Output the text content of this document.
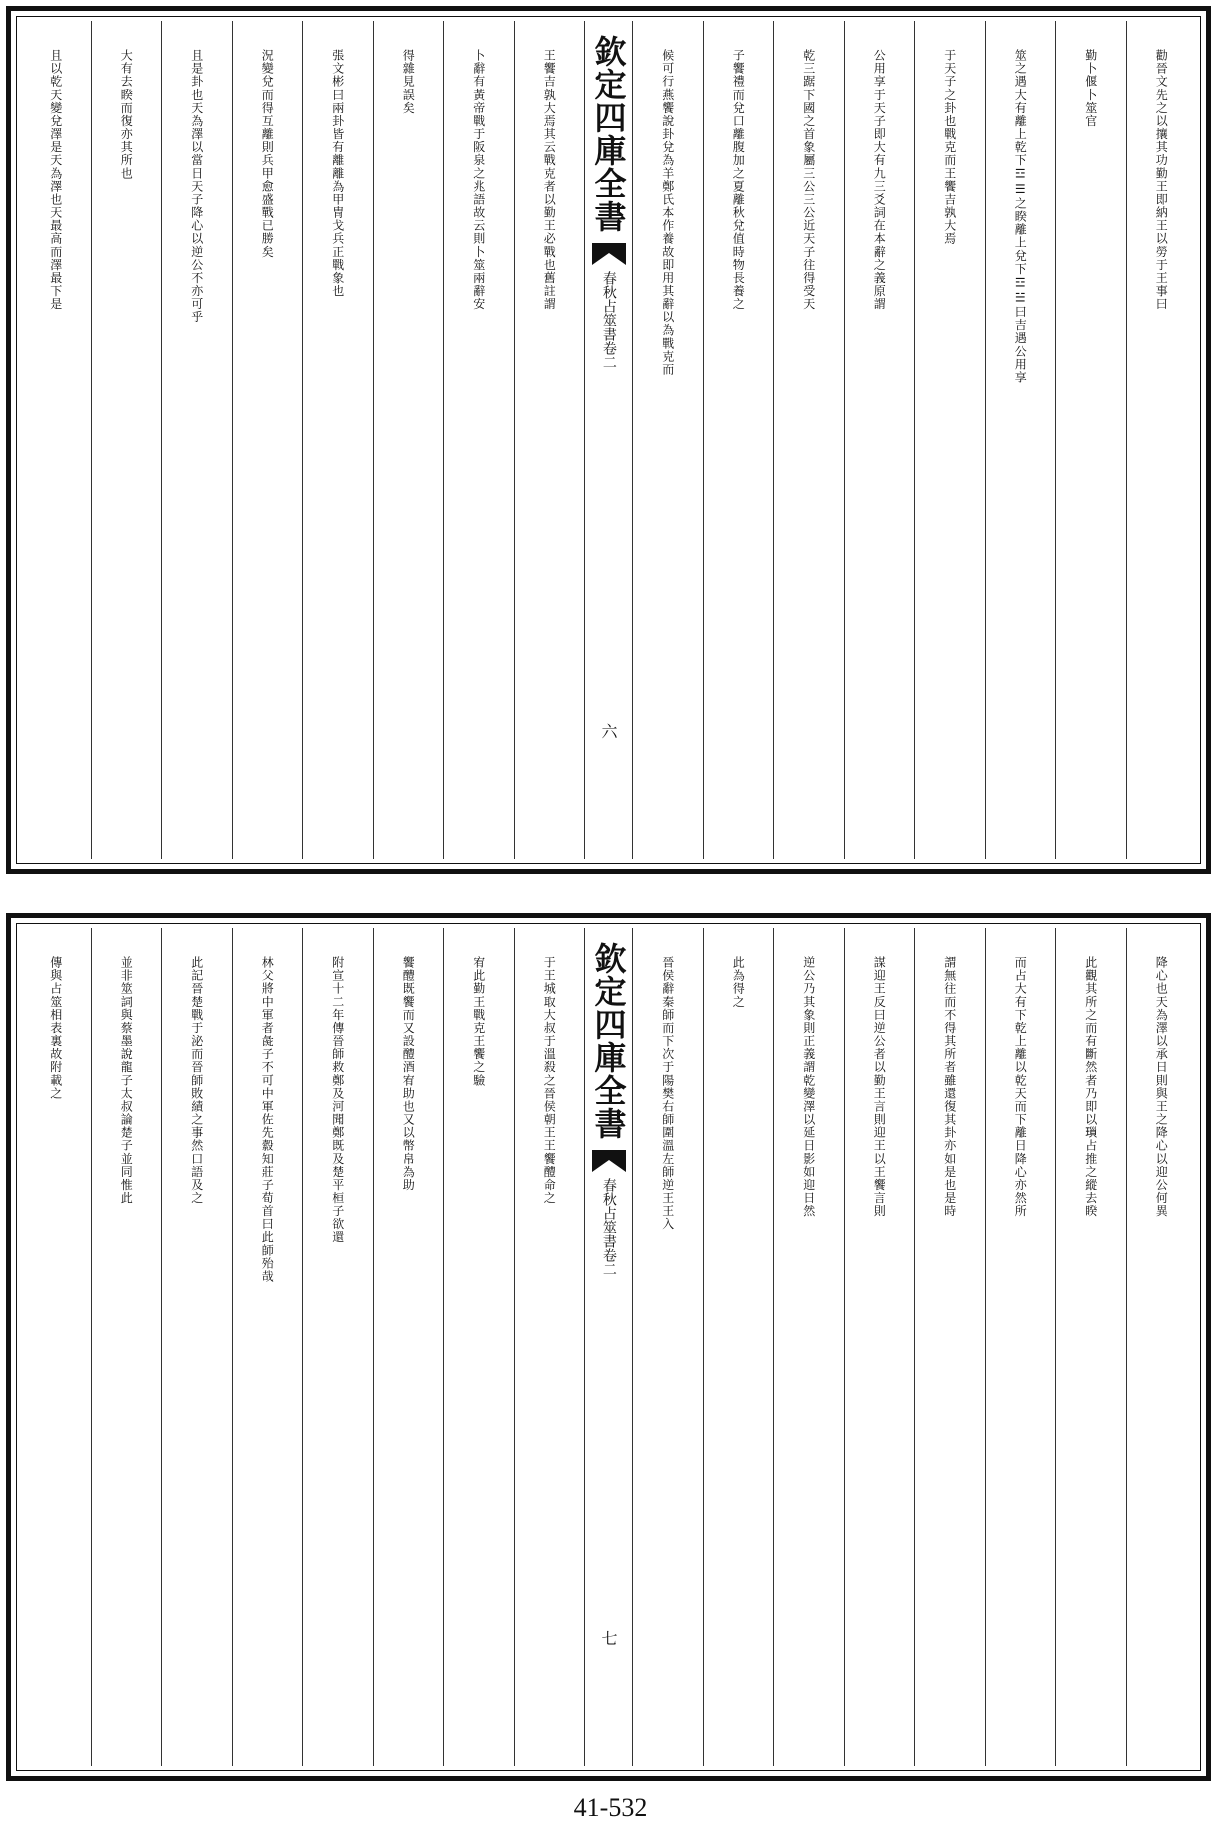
勸晉文先之以攘其功勤王即納王以勞于王事曰
勤卜偃卜筮官
筮之遇大有離上乾下☲☰之睽離上兌下☲☱曰吉遇公用享
于天子之卦也戰克而王饗吉孰大焉
公用享于天子即大有九三爻詞在本辭之義原謂
乾三踞下國之首象屬三公三公近天子往得受天
子饗禮而兌口離腹加之夏離秋兌值時物長養之
候可行燕饗說卦兌為羊鄭氏本作養故即用其辭以為戰克而
欽定四庫全書
春秋占筮書
卷二
六
王饗吉孰大焉其云戰克者以勤王必戰也舊註謂
卜辭有黃帝戰于阪泉之兆語故云則卜筮兩辭安
得雜見誤矣
張文彬曰兩卦皆有離離為甲冑戈兵正戰象也
況變兌而得互離則兵甲愈盛戰已勝矣
且是卦也天為澤以當日天子降心以逆公不亦可乎
大有去睽而復亦其所也
且以乾天變兌澤是天為澤也天最高而澤最下是
降心也天為澤以承日則與王之降心以迎公何異
此觀其所之而有斷然者乃即以𤨏占推之縱去睽
而占大有下乾上離以乾天而下離日降心亦然所
謂無往而不得其所者雖還復其卦亦如是也是時
謀迎王反曰逆公者以勤王言則迎王以王饗言則
逆公乃其象則正義謂乾變澤以延日影如迎日然
此為得之
晉侯辭秦師而下次于陽樊右師圍溫左師逆王王入
欽定四庫全書
春秋占筮書
卷二
七
于王城取大叔于溫殺之晉侯朝王王饗醴命之
宥此勤王戰克王饗之驗
饗醴既饗而又設醴酒宥助也又以幣帛為助
附宣十二年傳晉師救鄭及河聞鄭既及楚平桓子欲還
林父將中軍者彘子不可中軍佐先縠知莊子荀首曰此師殆哉
此記晉楚戰于泌而晉師敗績之事然口語及之
並非筮詞與蔡墨說龍子太叔論楚子並同惟此
傳與占筮相表裏故附載之
41-532
